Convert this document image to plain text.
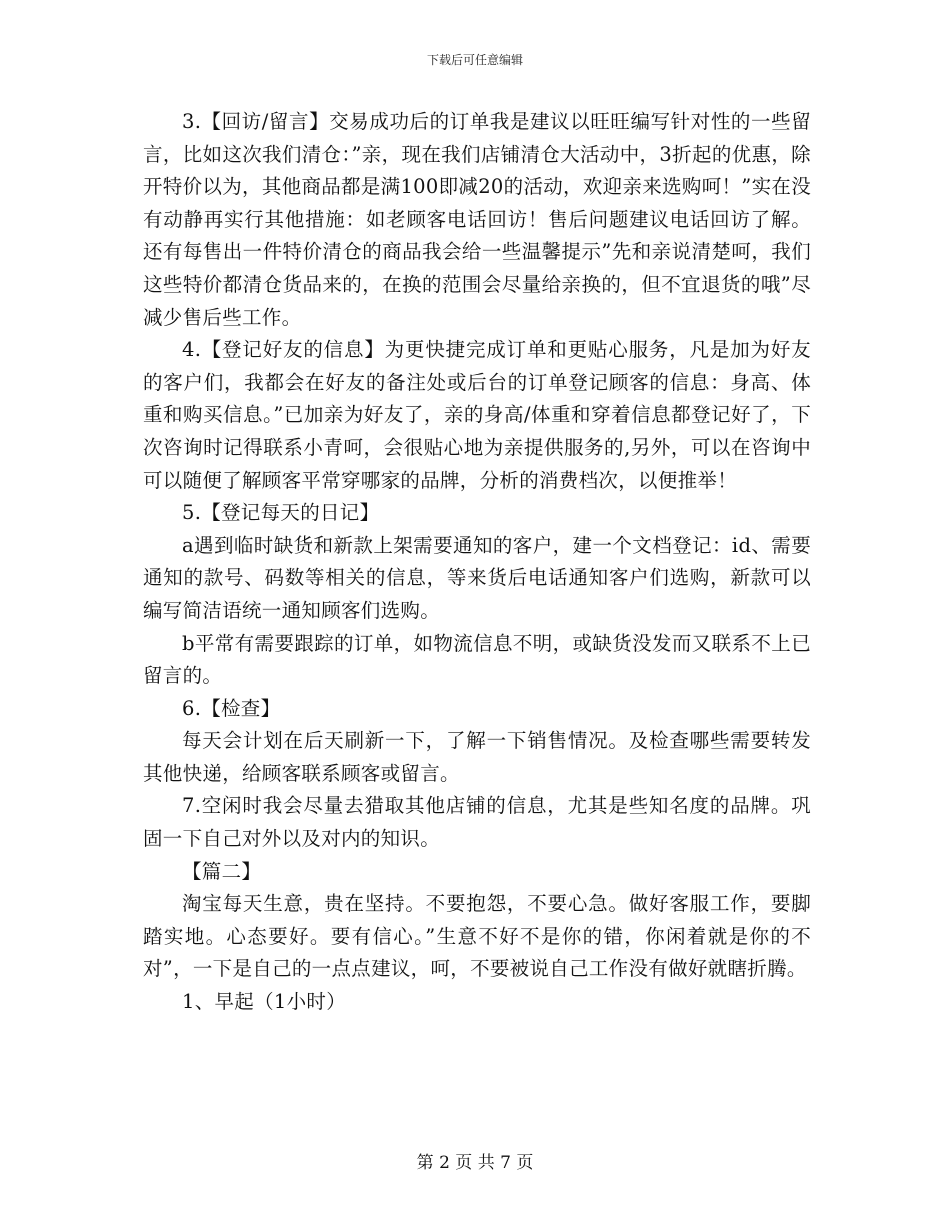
下载后可任意编辑

3.【回访/留言】交易成功后的订单我是建议以旺旺编写针对性的一些留言，比如这次我们清仓：”亲，现在我们店铺清仓大活动中，3折起的优惠，除开特价以为，其他商品都是满100即减20的活动，欢迎亲来选购呵！”实在没有动静再实行其他措施：如老顾客电话回访！售后问题建议电话回访了解。还有每售出一件特价清仓的商品我会给一些温馨提示”先和亲说清楚呵，我们这些特价都清仓货品来的，在换的范围会尽量给亲换的，但不宜退货的哦”尽减少售后些工作。

4.【登记好友的信息】为更快捷完成订单和更贴心服务，凡是加为好友的客户们，我都会在好友的备注处或后台的订单登记顾客的信息：身高、体重和购买信息。”已加亲为好友了，亲的身高/体重和穿着信息都登记好了，下次咨询时记得联系小青呵，会很贴心地为亲提供服务的,另外，可以在咨询中可以随便了解顾客平常穿哪家的品牌，分析的消费档次，以便推举！

5.【登记每天的日记】

a遇到临时缺货和新款上架需要通知的客户，建一个文档登记：id、需要通知的款号、码数等相关的信息，等来货后电话通知客户们选购，新款可以编写简洁语统一通知顾客们选购。

b平常有需要跟踪的订单，如物流信息不明，或缺货没发而又联系不上已留言的。

6.【检查】

每天会计划在后天刷新一下，了解一下销售情况。及检查哪些需要转发其他快递，给顾客联系顾客或留言。

7.空闲时我会尽量去猎取其他店铺的信息，尤其是些知名度的品牌。巩固一下自己对外以及对内的知识。

【篇二】

淘宝每天生意，贵在坚持。不要抱怨，不要心急。做好客服工作，要脚踏实地。心态要好。要有信心。”生意不好不是你的错，你闲着就是你的不对”，一下是自己的一点点建议，呵，不要被说自己工作没有做好就瞎折腾。

1、早起（1小时）

第 2 页 共 7 页
